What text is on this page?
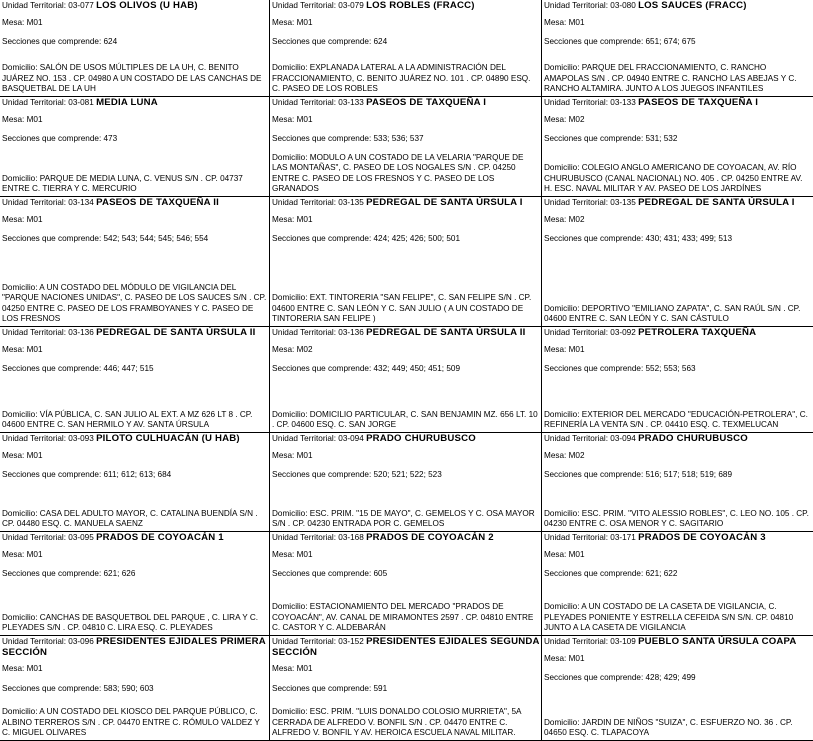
Unidad Territorial: 03-077 LOS OLIVOS (U HAB)
Mesa: M01
Secciones que comprende: 624
Domicilio: SALÓN DE USOS MÚLTIPLES DE LA UH, C. BENITO JUÁREZ NO. 153 . CP. 04980 A UN COSTADO DE LAS CANCHAS DE BASQUETBAL DE LA UH
Unidad Territorial: 03-079 LOS ROBLES (FRACC)
Mesa: M01
Secciones que comprende: 624
Domicilio: EXPLANADA LATERAL A LA ADMINISTRACIÓN DEL FRACCIONAMIENTO, C. BENITO JUÁREZ NO. 101 . CP. 04890 ESQ. C. PASEO DE LOS ROBLES
Unidad Territorial: 03-080 LOS SAUCES (FRACC)
Mesa: M01
Secciones que comprende: 651; 674; 675
Domicilio: PARQUE DEL FRACCIONAMIENTO, C. RANCHO AMAPOLAS S/N . CP. 04940 ENTRE C. RANCHO LAS ABEJAS Y C. RANCHO ALTAMIRA. JUNTO A LOS JUEGOS INFANTILES
Unidad Territorial: 03-081 MEDIA LUNA
Mesa: M01
Secciones que comprende: 473
Domicilio: PARQUE DE MEDIA LUNA, C. VENUS S/N . CP. 04737 ENTRE C. TIERRA Y C. MERCURIO
Unidad Territorial: 03-133 PASEOS DE TAXQUEÑA I
Mesa: M01
Secciones que comprende: 533; 536; 537
Domicilio: MODULO A UN COSTADO DE LA VELARIA "PARQUE DE LAS MONTAÑAS", C. PASEO DE LOS NOGALES S/N . CP. 04250 ENTRE C. PASEO DE LOS FRESNOS Y C. PASEO DE LOS GRANADOS
Unidad Territorial: 03-133 PASEOS DE TAXQUEÑA I
Mesa: M02
Secciones que comprende: 531; 532
Domicilio: COLEGIO ANGLO AMERICANO DE COYOACAN, AV. RÍO CHURUBUSCO (CANAL NACIONAL) NO. 405 . CP. 04250 ENTRE AV. H. ESC. NAVAL MILITAR Y AV. PASEO DE LOS JARDÍNES
Unidad Territorial: 03-134 PASEOS DE TAXQUEÑA II
Mesa: M01
Secciones que comprende: 542; 543; 544; 545; 546; 554
Domicilio: A UN COSTADO DEL MÓDULO DE VIGILANCIA DEL "PARQUE NACIONES UNIDAS", C. PASEO DE LOS SAUCES S/N . CP. 04250 ENTRE C. PASEO DE LOS FRAMBOYANES Y C. PASEO DE LOS FRESNOS
Unidad Territorial: 03-135 PEDREGAL DE SANTA ÚRSULA I
Mesa: M01
Secciones que comprende: 424; 425; 426; 500; 501
Domicilio: EXT. TINTORERIA "SAN FELIPE", C. SAN FELIPE S/N . CP. 04600 ENTRE C. SAN LEÓN Y C. SAN JULIO ( A UN COSTADO DE TINTORERIA SAN FELIPE )
Unidad Territorial: 03-135 PEDREGAL DE SANTA ÚRSULA I
Mesa: M02
Secciones que comprende: 430; 431; 433; 499; 513
Domicilio: DEPORTIVO "EMILIANO ZAPATA", C. SAN RAÚL S/N . CP. 04600 ENTRE C. SAN LEÓN Y C. SAN CÁSTULO
Unidad Territorial: 03-136 PEDREGAL DE SANTA ÚRSULA II
Mesa: M01
Secciones que comprende: 446; 447; 515
Domicilio: VÍA PÚBLICA, C. SAN JULIO AL EXT. A MZ 626 LT 8 . CP. 04600 ENTRE C. SAN HERMILO Y AV. SANTA ÚRSULA
Unidad Territorial: 03-136 PEDREGAL DE SANTA ÚRSULA II
Mesa: M02
Secciones que comprende: 432; 449; 450; 451; 509
Domicilio: DOMICILIO PARTICULAR, C. SAN BENJAMIN MZ. 656 LT. 10 . CP. 04600 ESQ. C. SAN JORGE
Unidad Territorial: 03-092 PETROLERA TAXQUEÑA
Mesa: M01
Secciones que comprende: 552; 553; 563
Domicilio: EXTERIOR DEL MERCADO "EDUCACIÓN-PETROLERA", C. REFINERÍA LA VENTA S/N . CP. 04410 ESQ. C. TEXMELUCAN
Unidad Territorial: 03-093 PILOTO CULHUACÁN (U HAB)
Mesa: M01
Secciones que comprende: 611; 612; 613; 684
Domicilio: CASA DEL ADULTO MAYOR, C. CATALINA BUENDÍA S/N . CP. 04480 ESQ. C. MANUELA SAENZ
Unidad Territorial: 03-094 PRADO CHURUBUSCO
Mesa: M01
Secciones que comprende: 520; 521; 522; 523
Domicilio: ESC. PRIM. "15 DE MAYO", C. GEMELOS Y C. OSA MAYOR S/N . CP. 04230 ENTRADA POR C. GEMELOS
Unidad Territorial: 03-094 PRADO CHURUBUSCO
Mesa: M02
Secciones que comprende: 516; 517; 518; 519; 689
Domicilio: ESC. PRIM. "VITO ALESSIO ROBLES", C. LEO NO. 105 . CP. 04230 ENTRE C. OSA MENOR Y C. SAGITARIO
Unidad Territorial: 03-095 PRADOS DE COYOACÁN 1
Mesa: M01
Secciones que comprende: 621; 626
Domicilio: CANCHAS DE BASQUETBOL DEL PARQUE , C. LIRA Y C. PLEYADES S/N . CP. 04810 C. LIRA ESQ. C. PLEYADES
Unidad Territorial: 03-168 PRADOS DE COYOACÁN 2
Mesa: M01
Secciones que comprende: 605
Domicilio: ESTACIONAMIENTO DEL MERCADO "PRADOS DE COYOACÁN", AV. CANAL DE MIRAMONTES 2597 . CP. 04810 ENTRE C. CASTOR Y C. ALDEBARÁN
Unidad Territorial: 03-171 PRADOS DE COYOACÁN 3
Mesa: M01
Secciones que comprende: 621; 622
Domicilio: A UN COSTADO DE LA CASETA DE VIGILANCIA, C. PLEYADES PONIENTE Y ESTRELLA CEFEIDA S/N S/N. CP. 04810 JUNTO A LA CASETA DE VIGILANCIA
Unidad Territorial: 03-096 PRESIDENTES EJIDALES PRIMERA SECCIÓN
Mesa: M01
Secciones que comprende: 583; 590; 603
Domicilio: A UN COSTADO DEL KIOSCO DEL PARQUE PÚBLICO, C. ALBINO TERREROS S/N . CP. 04470 ENTRE C. RÓMULO VALDEZ Y C. MIGUEL OLIVARES
Unidad Territorial: 03-152 PRESIDENTES EJIDALES SEGUNDA SECCIÓN
Mesa: M01
Secciones que comprende: 591
Domicilio: ESC. PRIM. "LUIS DONALDO COLOSIO MURRIETA", 5A CERRADA DE ALFREDO V. BONFIL S/N . CP. 04470 ENTRE C. ALFREDO V. BONFIL Y AV. HEROICA ESCUELA NAVAL MILITAR.
Unidad Territorial: 03-109 PUEBLO SANTA ÚRSULA COAPA
Mesa: M01
Secciones que comprende: 428; 429; 499
Domicilio: JARDIN DE NIÑOS "SUIZA", C. ESFUERZO NO. 36 . CP. 04650 ESQ. C. TLAPACOYA
